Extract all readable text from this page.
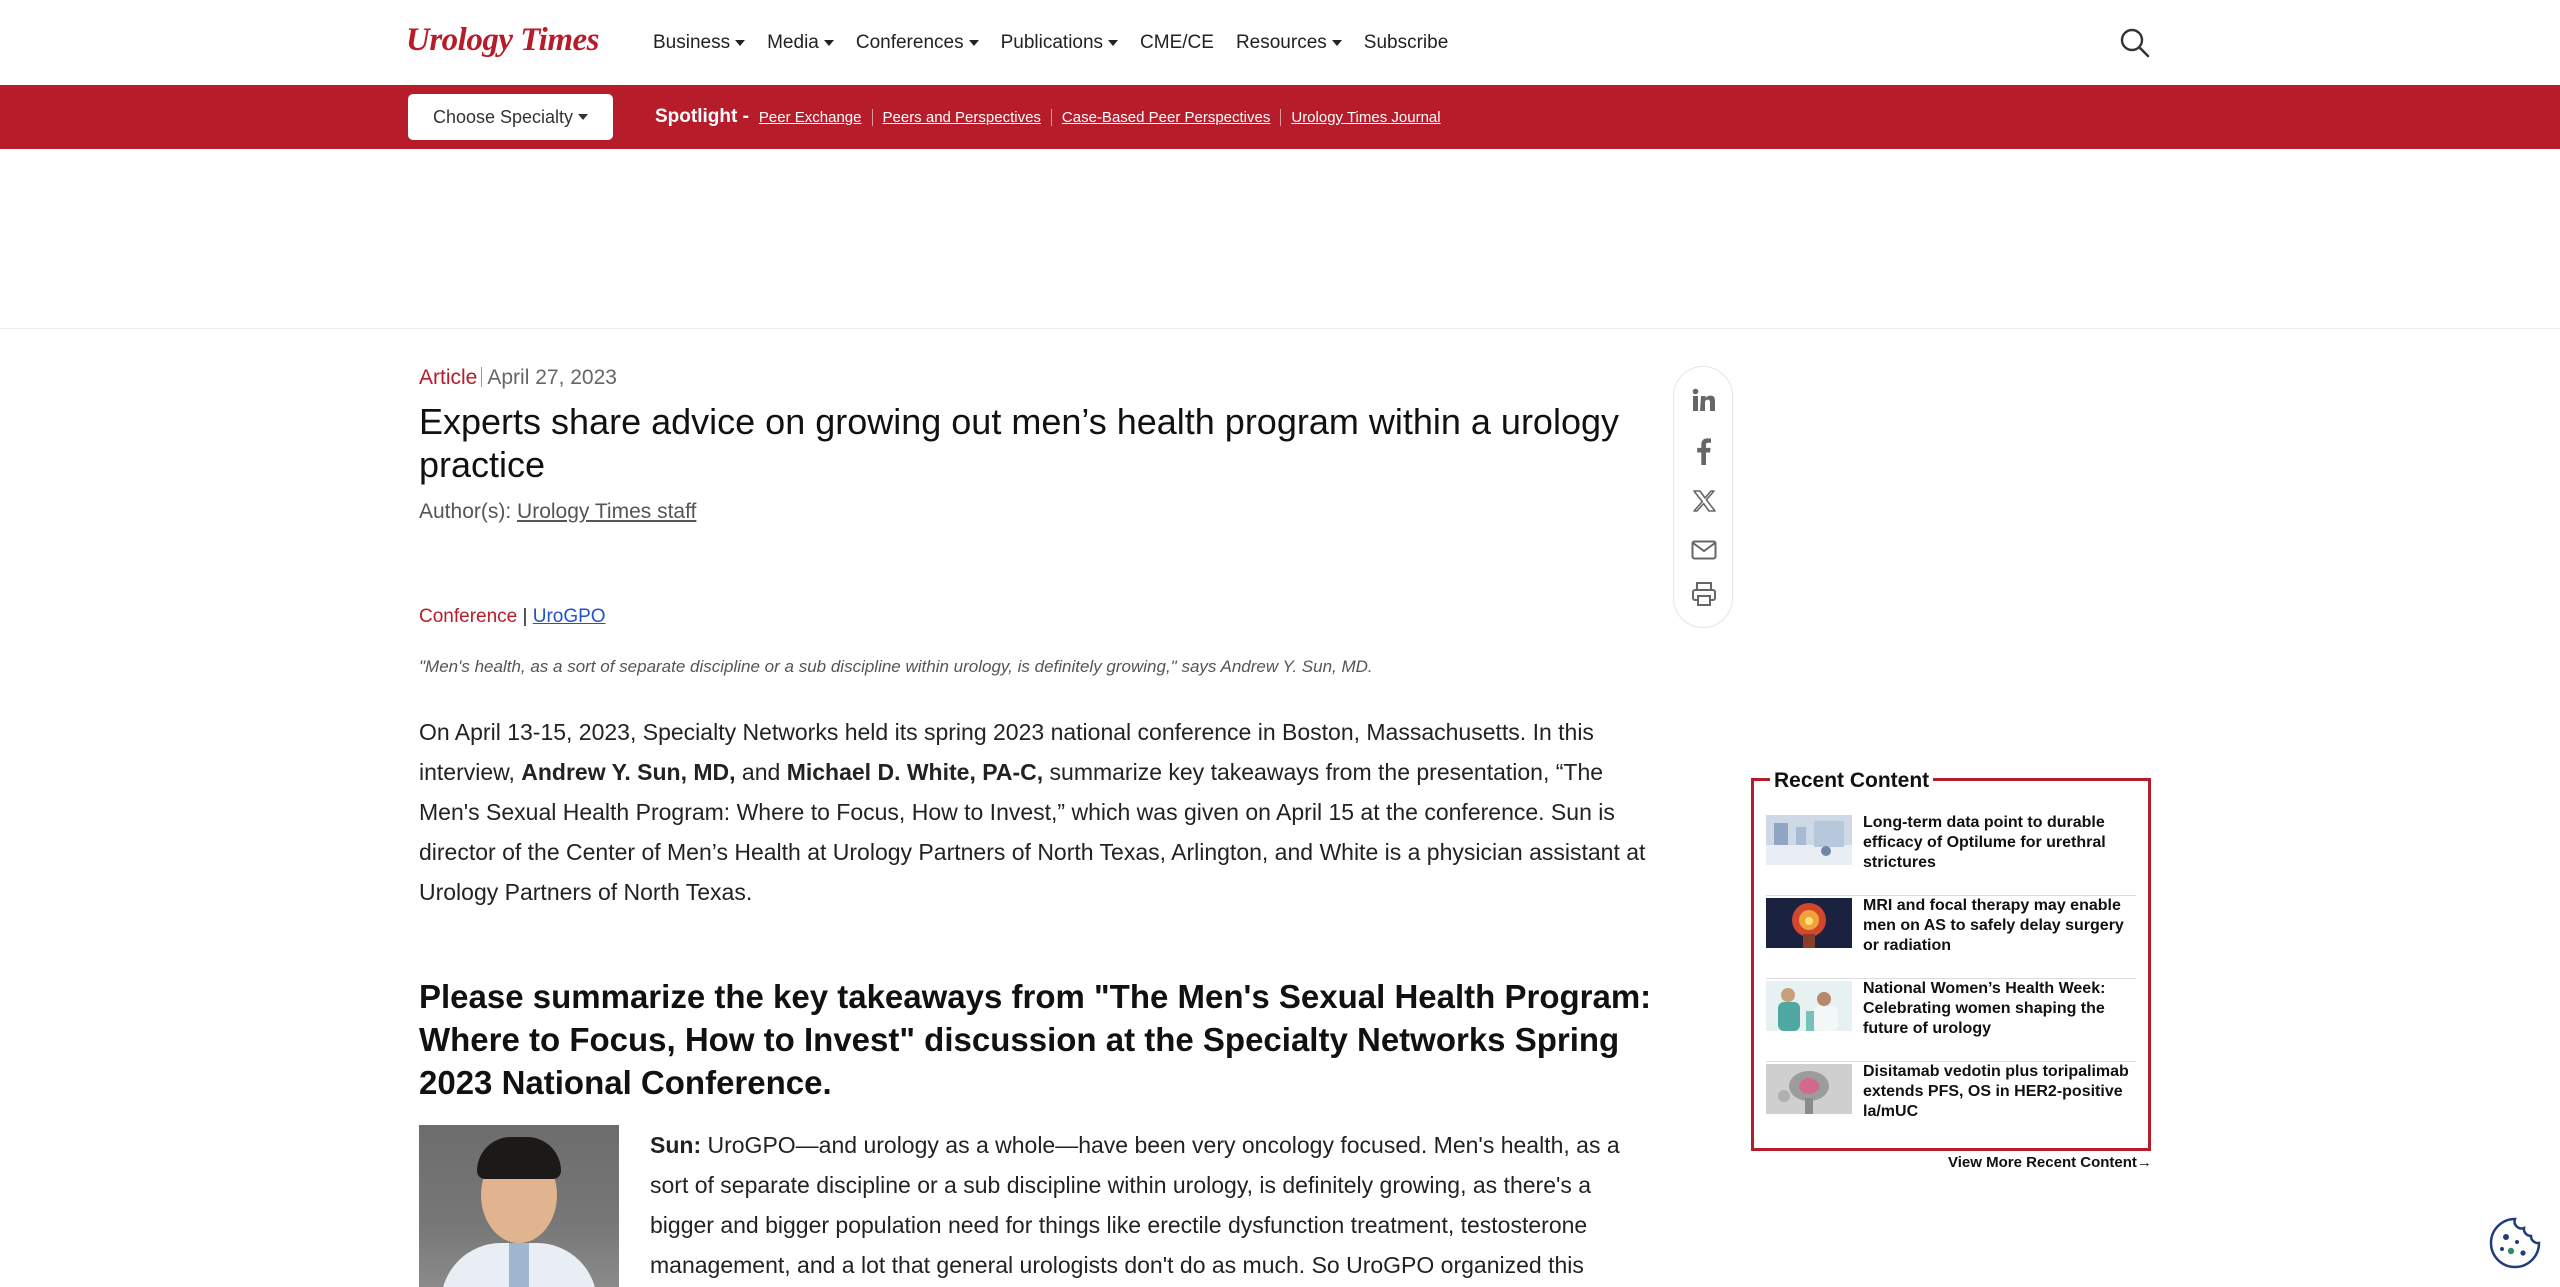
Urology Times	Business Media Conferences Publications CME/CE Resources Subscribe
Choose Specialty	Spotlight - Peer Exchange	Peers and Perspectives	Case-Based Peer Perspectives	Urology Times Journal
Article April 27, 2023
Experts share advice on growing out men’s health program within a urology practice
Author(s): Urology Times staff
Conference | UroGPO
"Men's health, as a sort of separate discipline or a sub discipline within urology, is definitely growing," says Andrew Y. Sun, MD.

On April 13-15, 2023, Specialty Networks held its spring 2023 national conference in Boston, Massachusetts. In this interview, Andrew Y. Sun, MD, and Michael D. White, PA-C, summarize key takeaways from the presentation, “The Men's Sexual Health Program: Where to Focus, How to Invest,” which was given on April 15 at the conference. Sun is director of the Center of Men’s Health at Urology Partners of North Texas, Arlington, and White is a physician assistant at Urology Partners of North Texas.

Please summarize the key takeaways from "The Men's Sexual Health Program: Where to Focus, How to Invest" discussion at the Specialty Networks Spring 2023 National Conference.

Sun: UroGPO—and urology as a whole—have been very oncology focused. Men's health, as a sort of separate discipline or a sub discipline within urology, is definitely growing, as there's a bigger and bigger population need for things like erectile dysfunction treatment, testosterone management, and a lot that general urologists don't do as much. So UroGPO organized this

Recent Content
Long-term data point to durable efficacy of Optilume for urethral strictures
MRI and focal therapy may enable men on AS to safely delay surgery or radiation
National Women’s Health Week: Celebrating women shaping the future of urology
Disitamab vedotin plus toripalimab extends PFS, OS in HER2-positive la/mUC
View More Recent Content→
